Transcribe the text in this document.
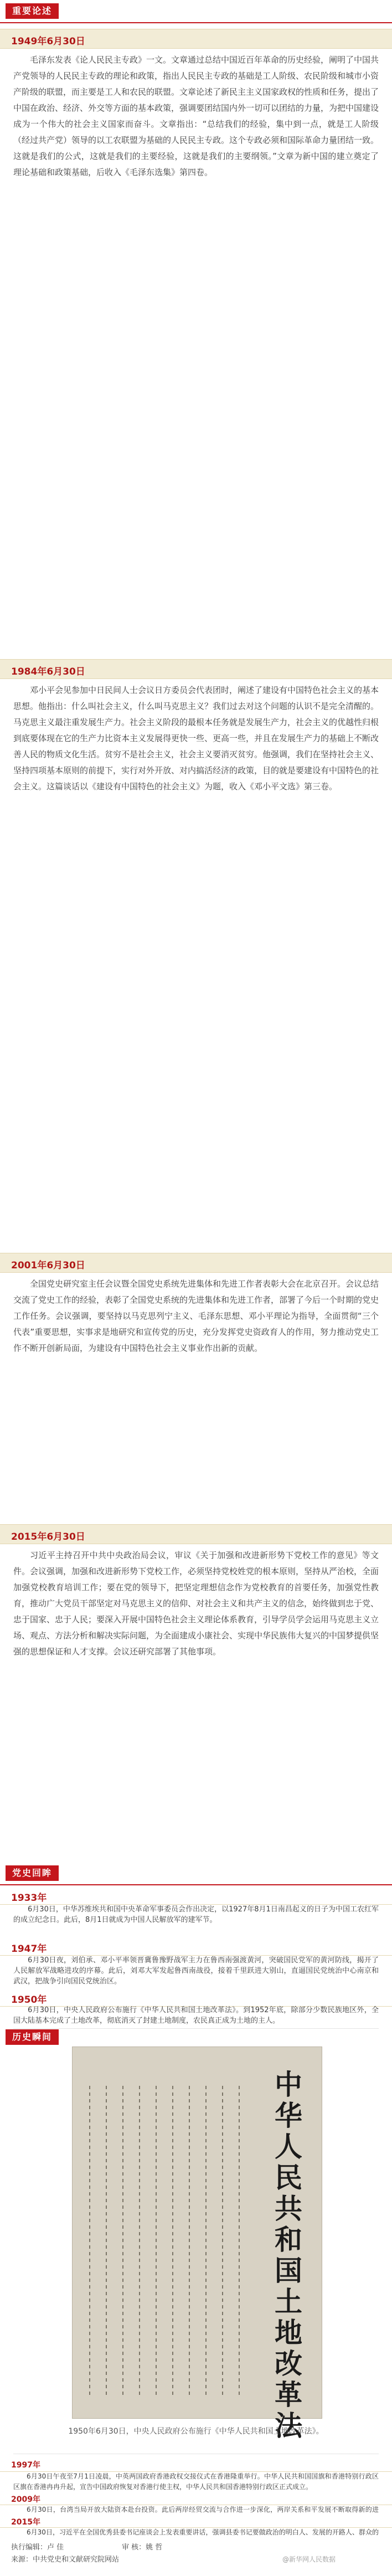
重要论述
1949年6月30日

毛泽东发表《论人民民主专政》一文。文章通过总结中国近百年革命的历史经验，阐明了中国共产党领导的人民民主专政的理论和政策，指出人民民主专政的基础是工人阶级、农民阶级和城市小资产阶级的联盟，而主要是工人和农民的联盟。文章论述了新民主主义国家政权的性质和任务，提出了中国在政治、经济、外交等方面的基本政策，强调要团结国内外一切可以团结的力量，为把中国建设成为一个伟大的社会主义国家而奋斗。文章指出：“总结我们的经验，集中到一点，就是工人阶级（经过共产党）领导的以工农联盟为基础的人民民主专政。这个专政必须和国际革命力量团结一致。这就是我们的公式，这就是我们的主要经验，这就是我们的主要纲领。”文章为新中国的建立奠定了理论基础和政策基础，后收入《毛泽东选集》第四卷。

1984年6月30日

邓小平会见参加中日民间人士会议日方委员会代表团时，阐述了建设有中国特色社会主义的基本思想。他指出：什么叫社会主义，什么叫马克思主义？我们过去对这个问题的认识不是完全清醒的。马克思主义最注重发展生产力。社会主义阶段的最根本任务就是发展生产力，社会主义的优越性归根到底要体现在它的生产力比资本主义发展得更快一些、更高一些，并且在发展生产力的基础上不断改善人民的物质文化生活。贫穷不是社会主义，社会主义要消灭贫穷。他强调，我们在坚持社会主义、坚持四项基本原则的前提下，实行对外开放、对内搞活经济的政策，目的就是要建设有中国特色的社会主义。这篇谈话以《建设有中国特色的社会主义》为题，收入《邓小平文选》第三卷。

2001年6月30日

全国党史研究室主任会议暨全国党史系统先进集体和先进工作者表彰大会在北京召开。会议总结交流了党史工作的经验，表彰了全国党史系统的先进集体和先进工作者，部署了今后一个时期的党史工作任务。会议强调，要坚持以马克思列宁主义、毛泽东思想、邓小平理论为指导，全面贯彻“三个代表”重要思想，实事求是地研究和宣传党的历史，充分发挥党史资政育人的作用，努力推动党史工作不断开创新局面，为建设有中国特色社会主义事业作出新的贡献。

2015年6月30日

习近平主持召开中共中央政治局会议，审议《关于加强和改进新形势下党校工作的意见》等文件。会议强调，加强和改进新形势下党校工作，必须坚持党校姓党的根本原则，坚持从严治校，全面加强党校教育培训工作；要在党的领导下，把坚定理想信念作为党校教育的首要任务，加强党性教育，推动广大党员干部坚定对马克思主义的信仰、对社会主义和共产主义的信念，始终做到忠于党、忠于国家、忠于人民；要深入开展中国特色社会主义理论体系教育，引导学员学会运用马克思主义立场、观点、方法分析和解决实际问题，为全面建成小康社会、实现中华民族伟大复兴的中国梦提供坚强的思想保证和人才支撑。会议还研究部署了其他事项。

党史回眸
1933年

6月30日，中华苏维埃共和国中央革命军事委员会作出决定，以1927年8月1日南昌起义的日子为中国工农红军的成立纪念日。此后，8月1日就成为中国人民解放军的建军节。

1947年

6月30日夜，刘伯承、邓小平率领晋冀鲁豫野战军主力在鲁西南强渡黄河，突破国民党军的黄河防线，揭开了人民解放军战略进攻的序幕。此后，刘邓大军发起鲁西南战役，接着千里跃进大别山，直逼国民党统治中心南京和武汉，把战争引向国民党统治区。

1950年

6月30日，中央人民政府公布施行《中华人民共和国土地改革法》。到1952年底，除部分少数民族地区外，全国大陆基本完成了土地改革，彻底消灭了封建土地制度，农民真正成为土地的主人。

中华人民共和国土地改革法

1950年6月30日，中央人民政府公布施行《中华人民共和国土地改革法》。

1997年

6月30日午夜至7月1日凌晨，中英两国政府香港政权交接仪式在香港隆重举行。中华人民共和国国旗和香港特别行政区区旗在香港冉冉升起，宣告中国政府恢复对香港行使主权，中华人民共和国香港特别行政区正式成立。

2009年

6月30日，台湾当局开放大陆资本赴台投资。此后两岸经贸交流与合作进一步深化，两岸关系和平发展不断取得新的进

2015年

6月30日，习近平在全国优秀县委书记座谈会上发表重要讲话，强调县委书记要做政治的明白人、发展的开路人、群众的

历史瞬间
执行编辑：卢 佳	审 核：姚 哲
来源：中共党史和文献研究院网站	@新华网人民数据
